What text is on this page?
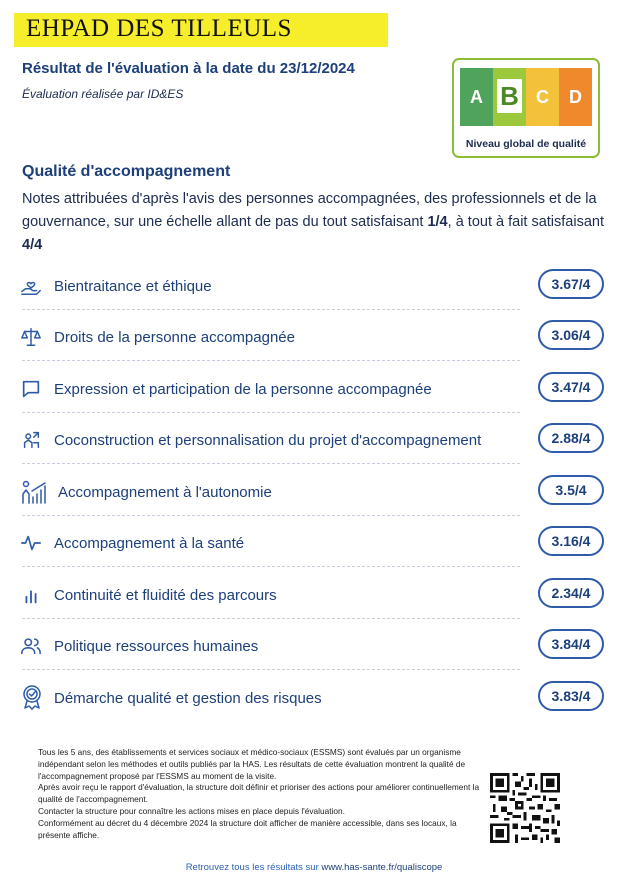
EHPAD DES TILLEULS
Résultat de l'évaluation à la date du 23/12/2024
Évaluation réalisée par ID&ES	A B C D
Niveau global de qualité
Qualité d'accompagnement
Notes attribuées d'après l'avis des personnes accompagnées, des professionnels et de la gouvernance, sur une échelle allant de pas du tout satisfaisant 1/4, à tout à fait satisfaisant 4/4
Bientraitance et éthique	3.67/4
Droits de la personne accompagnée	3.06/4
Expression et participation de la personne accompagnée	3.47/4
Coconstruction et personnalisation du projet d'accompagnement	2.88/4
Accompagnement à l'autonomie	3.5/4
Accompagnement à la santé	3.16/4
Continuité et fluidité des parcours	2.34/4
Politique ressources humaines	3.84/4
Démarche qualité et gestion des risques	3.83/4
Tous les 5 ans, des établissements et services sociaux et médico-sociaux (ESSMS) sont évalués par un organisme indépendant selon les méthodes et outils publiés par la HAS. Les résultats de cette évaluation montrent la qualité de l'accompagnement proposé par l'ESSMS au moment de la visite.
Après avoir reçu le rapport d'évaluation, la structure doit définir et prioriser des actions pour améliorer continuellement la qualité de l'accompagnement.
Contacter la structure pour connaître les actions mises en place depuis l'évaluation.
Conformément au décret du 4 décembre 2024 la structure doit afficher de manière accessible, dans ses locaux, la présente affiche.
Retrouvez tous les résultats sur www.has-sante.fr/qualiscope
